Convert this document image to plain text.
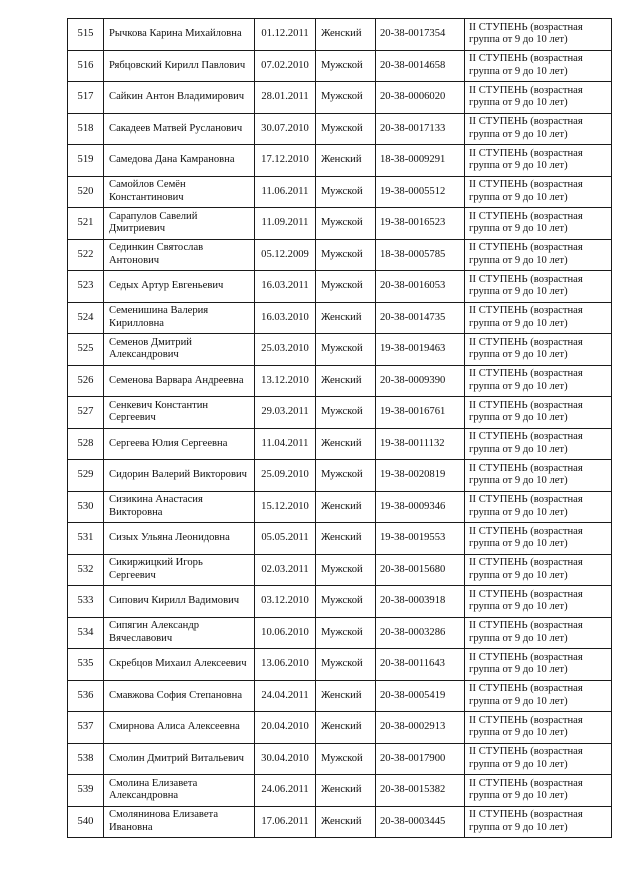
515	Рычкова Карина Михайловна	01.12.2011	Женский	20-38-0017354	II СТУПЕНЬ (возрастная
группа от 9 до 10 лет)

516	Рябцовский Кирилл Павлович	07.02.2010	Мужской	20-38-0014658	II СТУПЕНЬ (возрастная
группа от 9 до 10 лет)

517	Сайкин Антон Владимирович	28.01.2011	Мужской	20-38-0006020	II СТУПЕНЬ (возрастная
группа от 9 до 10 лет)

518	Сакадеев Матвей Русланович	30.07.2010	Мужской	20-38-0017133	II СТУПЕНЬ (возрастная
группа от 9 до 10 лет)

519	Самедова Дана Камрановна	17.12.2010	Женский	18-38-0009291	II СТУПЕНЬ (возрастная
группа от 9 до 10 лет)

520	Самойлов Семён Константинович	11.06.2011	Мужской	19-38-0005512	II СТУПЕНЬ (возрастная
группа от 9 до 10 лет)

521	Сарапулов Савелий Дмитриевич	11.09.2011	Мужской	19-38-0016523	II СТУПЕНЬ (возрастная
группа от 9 до 10 лет)

522	Сединкин Святослав Антонович	05.12.2009	Мужской	18-38-0005785	II СТУПЕНЬ (возрастная
группа от 9 до 10 лет)

523	Седых Артур Евгеньевич	16.03.2011	Мужской	20-38-0016053	II СТУПЕНЬ (возрастная
группа от 9 до 10 лет)

524	Семенишина Валерия Кирилловна	16.03.2010	Женский	20-38-0014735	II СТУПЕНЬ (возрастная
группа от 9 до 10 лет)

525	Семенов Дмитрий Александрович	25.03.2010	Мужской	19-38-0019463	II СТУПЕНЬ (возрастная
группа от 9 до 10 лет)

526	Семенова Варвара Андреевна	13.12.2010	Женский	20-38-0009390	II СТУПЕНЬ (возрастная
группа от 9 до 10 лет)

527	Сенкевич Константин Сергеевич	29.03.2011	Мужской	19-38-0016761	II СТУПЕНЬ (возрастная
группа от 9 до 10 лет)

528	Сергеева Юлия Сергеевна	11.04.2011	Женский	19-38-0011132	II СТУПЕНЬ (возрастная
группа от 9 до 10 лет)

529	Сидорин Валерий Викторович	25.09.2010	Мужской	19-38-0020819	II СТУПЕНЬ (возрастная
группа от 9 до 10 лет)

530	Сизикина Анастасия Викторовна	15.12.2010	Женский	19-38-0009346	II СТУПЕНЬ (возрастная
группа от 9 до 10 лет)

531	Сизых Ульяна Леонидовна	05.05.2011	Женский	19-38-0019553	II СТУПЕНЬ (возрастная
группа от 9 до 10 лет)

532	Сикиржицкий Игорь Сергеевич	02.03.2011	Мужской	20-38-0015680	II СТУПЕНЬ (возрастная
группа от 9 до 10 лет)

533	Сипович Кирилл Вадимович	03.12.2010	Мужской	20-38-0003918	II СТУПЕНЬ (возрастная
группа от 9 до 10 лет)

534	Сипягин Александр Вячеславович	10.06.2010	Мужской	20-38-0003286	II СТУПЕНЬ (возрастная
группа от 9 до 10 лет)

535	Скребцов Михаил Алексеевич	13.06.2010	Мужской	20-38-0011643	II СТУПЕНЬ (возрастная
группа от 9 до 10 лет)

536	Смавжова София Степановна	24.04.2011	Женский	20-38-0005419	II СТУПЕНЬ (возрастная
группа от 9 до 10 лет)

537	Смирнова Алиса Алексеевна	20.04.2010	Женский	20-38-0002913	II СТУПЕНЬ (возрастная
группа от 9 до 10 лет)

538	Смолин Дмитрий Витальевич	30.04.2010	Мужской	20-38-0017900	II СТУПЕНЬ (возрастная
группа от 9 до 10 лет)

539	Смолина Елизавета Александровна	24.06.2011	Женский	20-38-0015382	II СТУПЕНЬ (возрастная
группа от 9 до 10 лет)

540	Смолянинова Елизавета Ивановна	17.06.2011	Женский	20-38-0003445	II СТУПЕНЬ (возрастная
группа от 9 до 10 лет)
